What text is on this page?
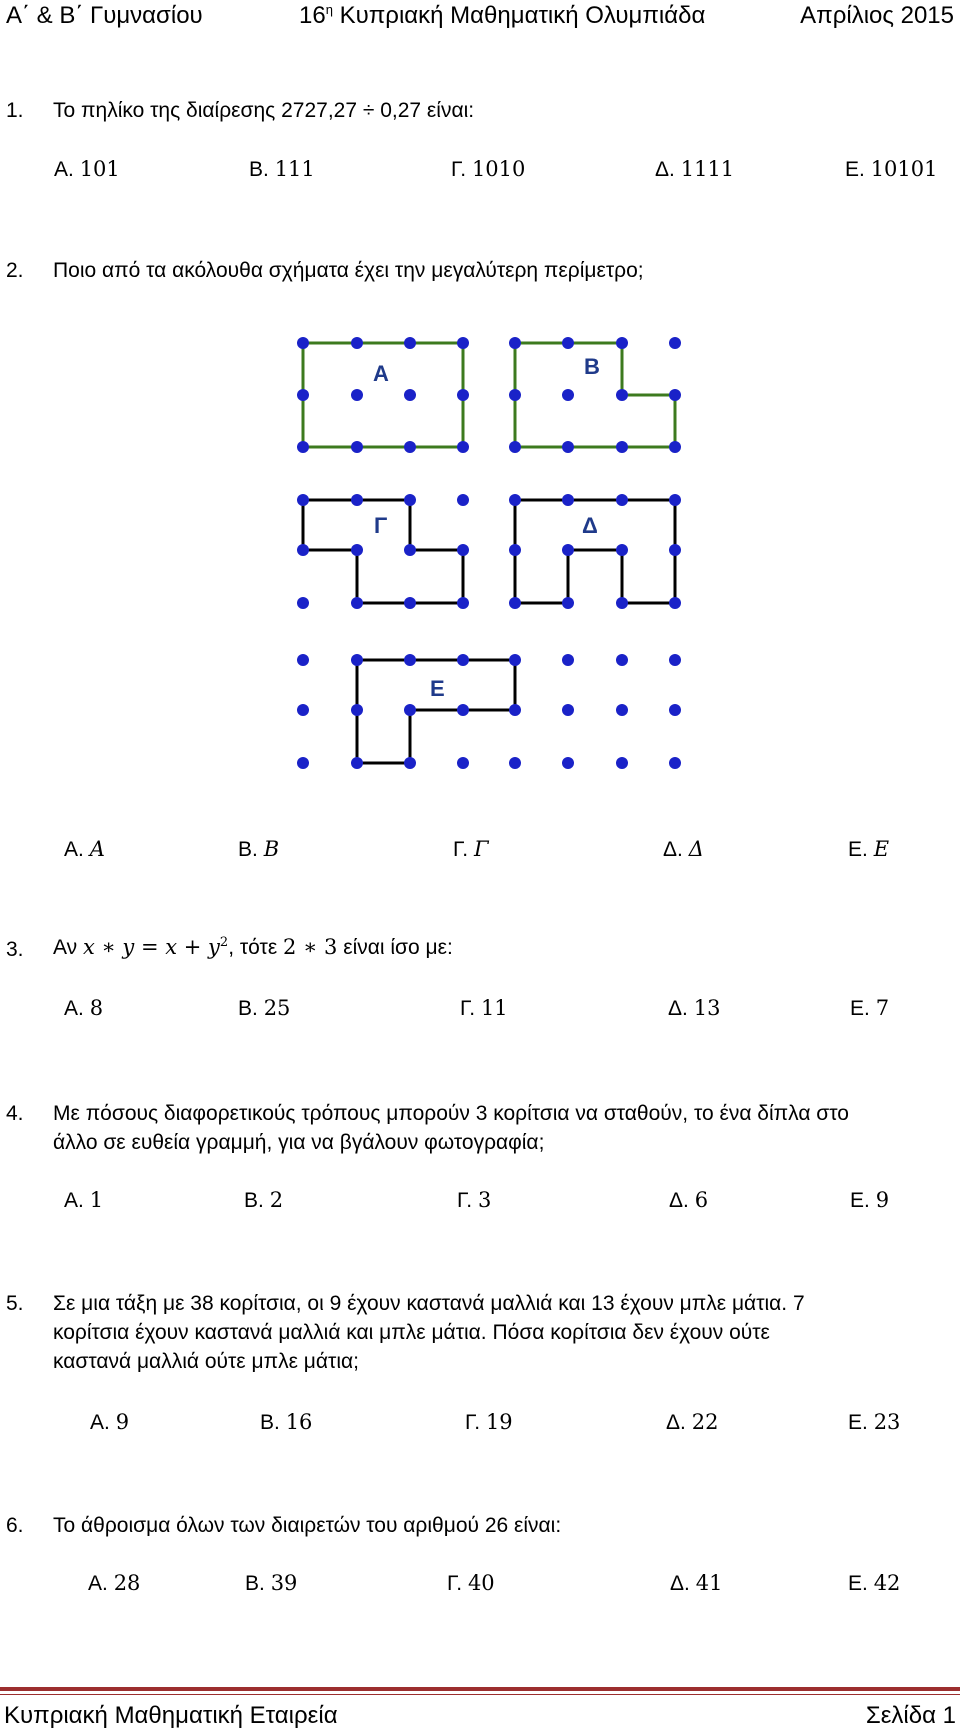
Α΄ & Β΄ Γυμνασίου	$16^\eta$ Κυπριακή Μαθηματική Ολυμπιάδα	Απρίλιος 2015
1. Το πηλίκο της διαίρεσης 2727,27 ÷ 0,27 είναι:
Α. 101	Β. 111	Γ. 1010	Δ. 1111	Ε. 10101
2. Ποιο από τα ακόλουθα σχήματα έχει την μεγαλύτερη περίμετρο;
Α	Β
Γ	Δ
Ε
Α. Α	Β. Β	Γ. Γ	Δ. Δ	Ε. Ε
3. Αν x ∗ $y = x + y^2$, τότε 2 ∗ 3 είναι ίσο με:
Α. 8	Β. 25	Γ. 11	Δ. 13	Ε. 7
4. Με πόσους διαφορετικούς τρόπους μπορούν 3 κορίτσια να σταθούν, το ένα δίπλα στο
άλλο σε ευθεία γραμμή, για να βγάλουν φωτογραφία;
Α. 1	Β. 2	Γ. 3	Δ. 6	Ε. 9
5. Σε μια τάξη με 38 κορίτσια, οι 9 έχουν καστανά μαλλιά και 13 έχουν μπλε μάτια. 7
κορίτσια έχουν καστανά μαλλιά και μπλε μάτια. Πόσα κορίτσια δεν έχουν ούτε
καστανά μαλλιά ούτε μπλε μάτια;
Α. 9	Β. 16	Γ. 19	Δ. 22	Ε. 23
6. Το άθροισμα όλων των διαιρετών του αριθμού 26 είναι:
Α. 28	Β. 39	Γ. 40	Δ. 41	Ε. 42
Κυπριακή Μαθηματική Εταιρεία	Σελίδα 1
